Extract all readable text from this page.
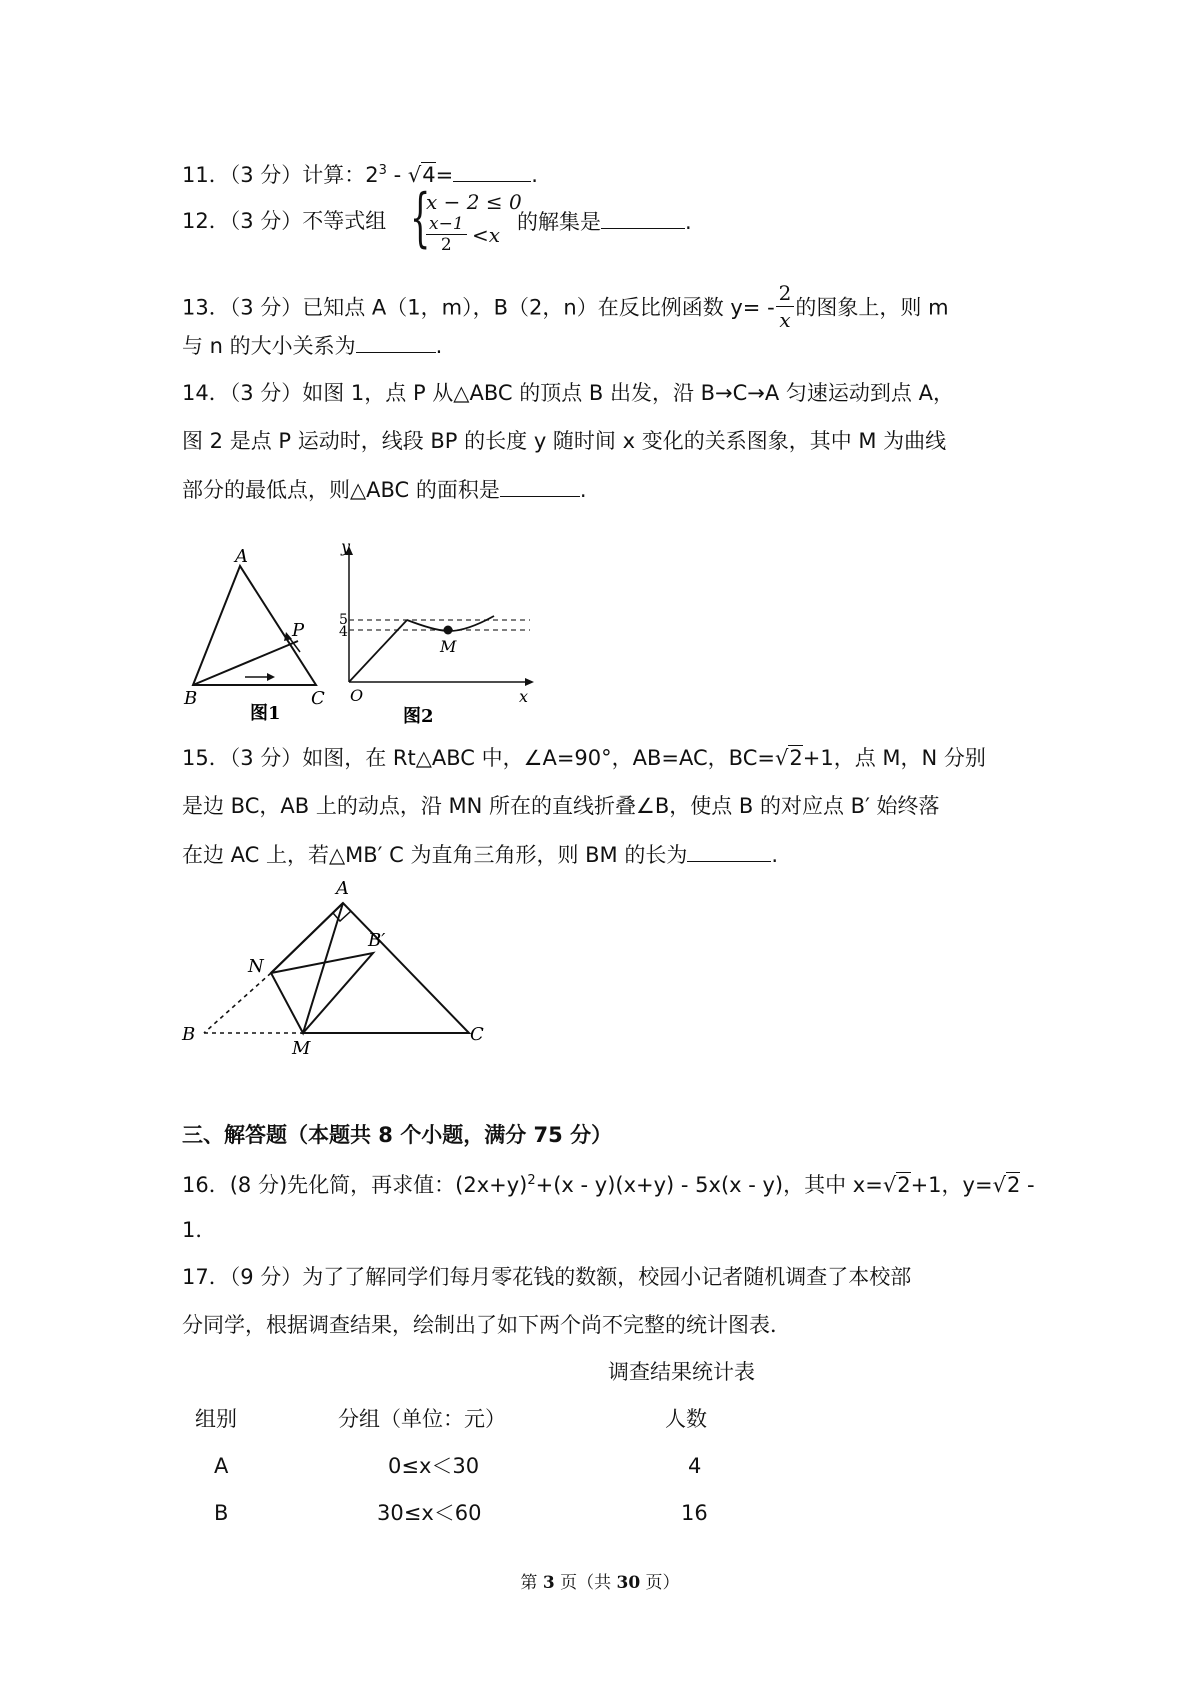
11．（3 分）计算：$2^3 - √4=$	.
12．（3 分）不等式组 {
x − 2 ≤ 0
$\frac{x-1}{2} <x$
的解集是	.
13．（3 分）已知点 A（1，m），B（2，n）在反比例函数 $y= - \frac{2}{x}$ 的图象上，则 m
与 n 的大小关系为	.
14．（3 分）如图 1，点 P 从△ABC 的顶点 B 出发，沿 B→C→A 匀速运动到点 A，
图 2 是点 P 运动时，线段 BP 的长度 y 随时间 x 变化的关系图象，其中 M 为曲线
部分的最低点，则△ABC 的面积是	.
A
B	C
P
图1
y
x
O
5
4
M
图2
15．（3 分）如图，在 Rt△ABC 中，∠A=90°，AB=AC，BC=√2+1，点 M，N 分别
是边 BC，AB 上的动点，沿 MN 所在的直线折叠∠B，使点 B 的对应点 B′ 始终落
在边 AC 上，若△MB′ C 为直角三角形，则 BM 的长为	.
A
B′
N
B
M
C
三、解答题（本题共 8 个小题，满分 75 分）
16．(8 分)先化简，再求值：$(2x+y)^2+(x - y)(x+y) - 5x(x - y)$，其中 x=√2+1，y=√2 -
1．
17．（9 分）为了了解同学们每月零花钱的数额，校园小记者随机调查了本校部
分同学，根据调查结果，绘制出了如下两个尚不完整的统计图表．
调查结果统计表
组别	分组（单位：元）	人数
A	0≤x＜30	4
B	30≤x＜60	16
第 3 页（共 30 页）
